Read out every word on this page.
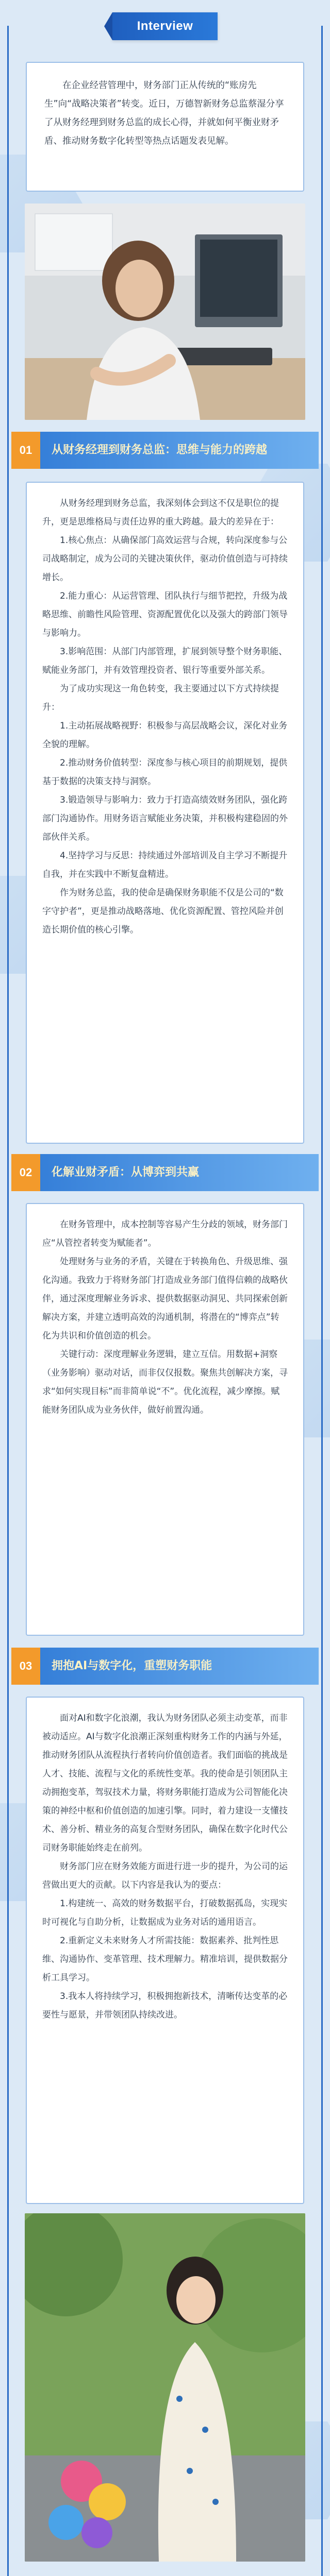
Interview

在企业经营管理中，财务部门正从传统的“账房先生”向“战略决策者”转变。近日，万德智新财务总监蔡湿分享了从财务经理到财务总监的成长心得，并就如何平衡业财矛盾、推动财务数字化转型等热点话题发表见解。

01	从财务经理到财务总监：思维与能力的跨越

从财务经理到财务总监，我深刻体会到这不仅是职位的提升，更是思维格局与责任边界的重大跨越。最大的差异在于：

1.核心焦点：从确保部门高效运营与合规，转向深度参与公司战略制定，成为公司的关键决策伙伴，驱动价值创造与可持续增长。

2.能力重心：从运营管理、团队执行与细节把控，升级为战略思维、前瞻性风险管理、资源配置优化以及强大的跨部门领导与影响力。

3.影响范围：从部门内部管理，扩展到领导整个财务职能、赋能业务部门，并有效管理投资者、银行等重要外部关系。

为了成功实现这一角色转变，我主要通过以下方式持续提升：

1.主动拓展战略视野：积极参与高层战略会议，深化对业务全貌的理解。

2.推动财务价值转型：深度参与核心项目的前期规划，提供基于数据的决策支持与洞察。

3.锻造领导与影响力：致力于打造高绩效财务团队，强化跨部门沟通协作。用财务语言赋能业务决策，并积极构建稳固的外部伙伴关系。

4.坚持学习与反思：持续通过外部培训及自主学习不断提升自我，并在实践中不断复盘精进。

作为财务总监，我的使命是确保财务职能不仅是公司的“数字守护者”，更是推动战略落地、优化资源配置、管控风险并创造长期价值的核心引擎。

02	化解业财矛盾：从博弈到共赢

在财务管理中，成本控制等容易产生分歧的领域，财务部门应“从管控者转变为赋能者”。

处理财务与业务的矛盾，关键在于转换角色、升级思维、强化沟通。我致力于将财务部门打造成业务部门值得信赖的战略伙伴，通过深度理解业务诉求、提供数据驱动洞见、共同探索创新解决方案，并建立透明高效的沟通机制，将潜在的“博弈点”转化为共识和价值创造的机会。

关键行动：深度理解业务逻辑，建立互信。用数据+洞察（业务影响）驱动对话，而非仅仅报数。聚焦共创解决方案，寻求“如何实现目标”而非简单说“不”。优化流程，减少摩擦。赋能财务团队成为业务伙伴，做好前置沟通。

03	拥抱AI与数字化，重塑财务职能

面对AI和数字化浪潮，我认为财务团队必须主动变革，而非被动适应。AI与数字化浪潮正深刻重构财务工作的内涵与外延，推动财务团队从流程执行者转向价值创造者。我们面临的挑战是人才、技能、流程与文化的系统性变革。我的使命是引领团队主动拥抱变革，驾驭技术力量，将财务职能打造成为公司智能化决策的神经中枢和价值创造的加速引擎。同时，着力建设一支懂技术、善分析、精业务的高复合型财务团队，确保在数字化时代公司财务职能始终走在前列。

财务部门应在财务效能方面进行进一步的提升，为公司的运营做出更大的贡献。以下内容是我认为的要点：

1.构建统一、高效的财务数据平台，打破数据孤岛，实现实时可视化与自助分析，让数据成为业务对话的通用语言。

2.重新定义未来财务人才所需技能：数据素养、批判性思维、沟通协作、变革管理、技术理解力。精准培训，提供数据分析工具学习。

3.我本人将持续学习，积极拥抱新技术，清晰传达变革的必要性与愿景，并带领团队持续改进。
